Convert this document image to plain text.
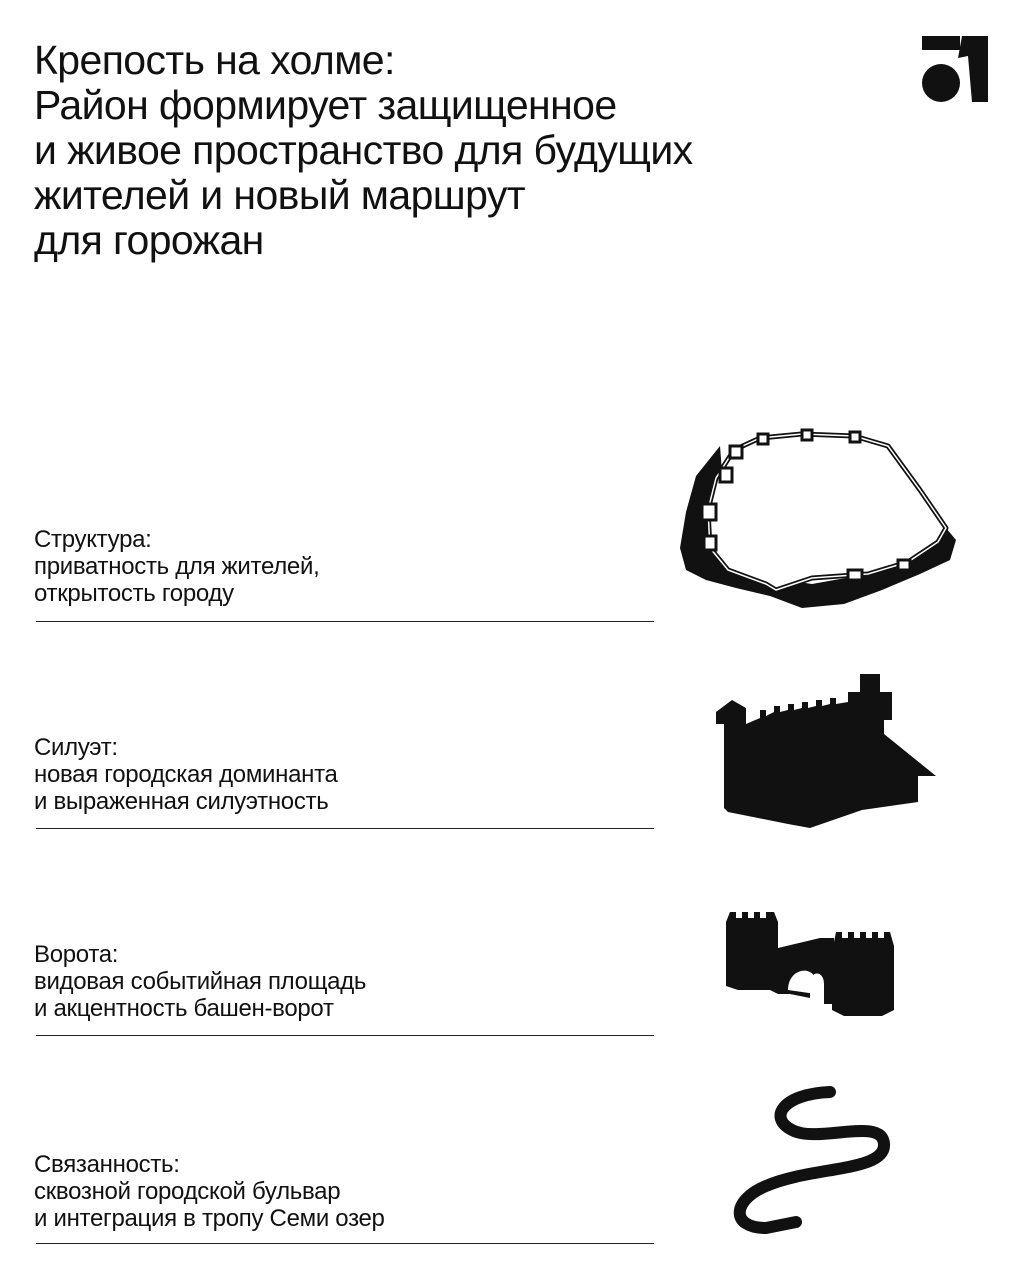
Крепость на холме:
Район формирует защищенное
и живое пространство для будущих
жителей и новый маршрут
для горожан
Структура:
приватность для жителей,
открытость городу
Силуэт:
новая городская доминанта
и выраженная силуэтность
Ворота:
видовая событийная площадь
и акцентность башен-ворот
Связанность:
сквозной городской бульвар
и интеграция в тропу Семи озер
